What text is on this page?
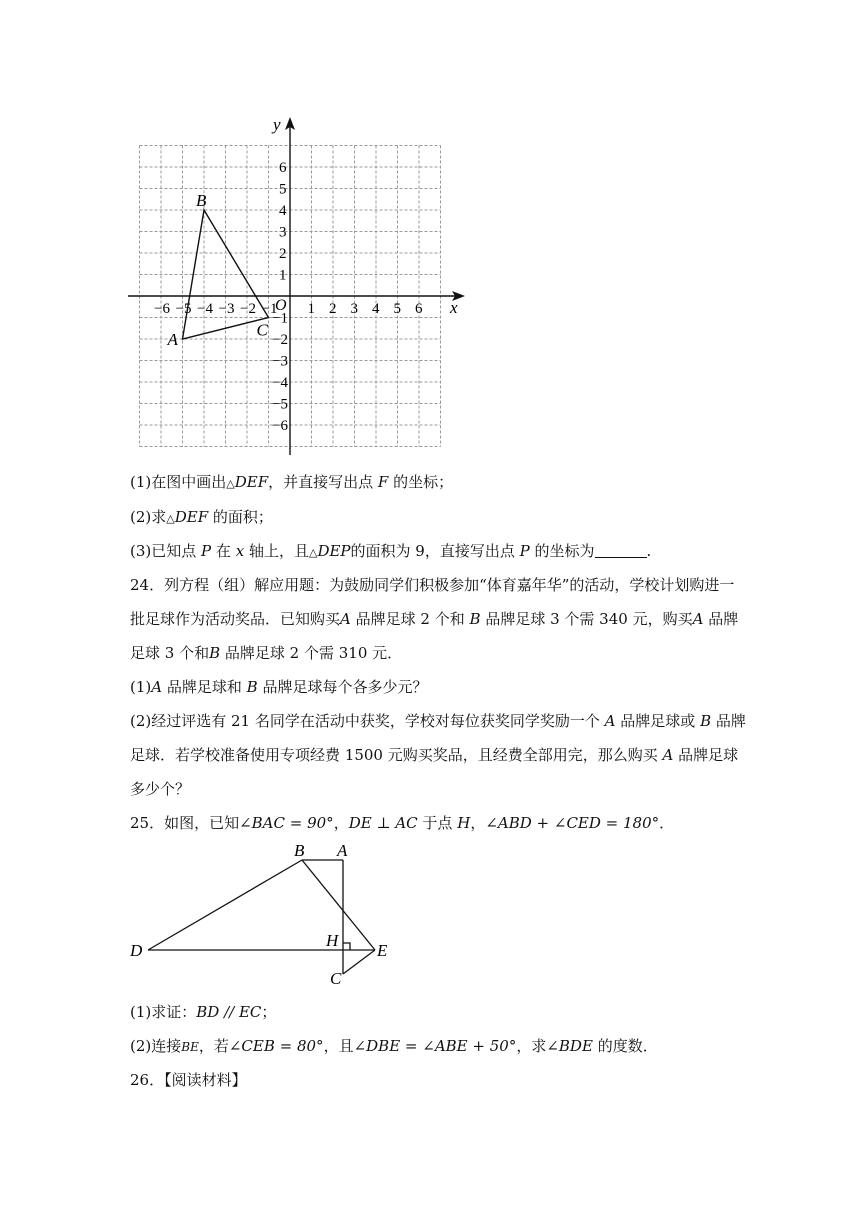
x
y
O
−6 −5 −4 −3 −2 −1 1 2 3 4 5 6
6
5
4
3
2
1
−1
−2
−3
−4
−5
−6
A
B
C
(1)在图中画出△DEF，并直接写出点 F 的坐标；
(2)求△DEF 的面积；
(3)已知点 P 在 x 轴上，且△DEP的面积为 9，直接写出点 P 的坐标为	.
24．列方程（组）解应用题：为鼓励同学们积极参加“体育嘉年华”的活动，学校计划购进一
批足球作为活动奖品．已知购买A 品牌足球 2 个和 B 品牌足球 3 个需 340 元，购买A 品牌
足球 3 个和B 品牌足球 2 个需 310 元．
(1)A 品牌足球和 B 品牌足球每个各多少元？
(2)经过评选有 21 名同学在活动中获奖，学校对每位获奖同学奖励一个 A 品牌足球或 B 品牌
足球．若学校准备使用专项经费 1500 元购买奖品，且经费全部用完，那么购买 A 品牌足球
多少个？
25．如图，已知∠BAC = 90°，DE ⊥ AC 于点 H，∠ABD + ∠CED = 180°．
B A
D
H
E
C
(1)求证：BD // EC；
(2)连接BE，若∠CEB = 80°，且∠DBE = ∠ABE + 50°，求∠BDE 的度数．
26．【阅读材料】
